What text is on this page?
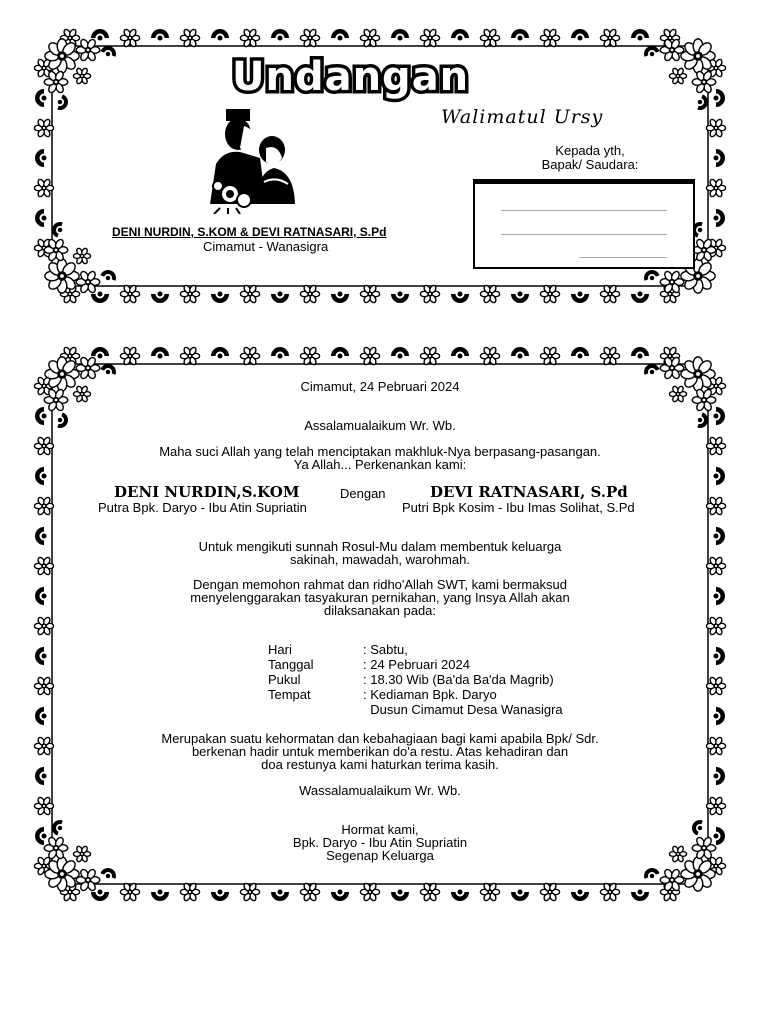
Undangan
Walimatul Ursy
Kepada yth,
Bapak/ Saudara:
DENI NURDIN, S.KOM & DEVI RATNASARI, S.Pd
Cimamut - Wanasigra
Cimamut, 24 Pebruari 2024
Assalamualaikum Wr. Wb.
Maha suci Allah yang telah menciptakan makhluk-Nya berpasang-pasangan.
Ya Allah... Perkenankan kami:
DENI NURDIN,S.KOM	Dengan	DEVI RATNASARI, S.Pd
Putra Bpk. Daryo - Ibu Atin Supriatin	Putri Bpk Kosim - Ibu Imas Solihat, S.Pd
Untuk mengikuti sunnah Rosul-Mu dalam membentuk keluarga
sakinah, mawadah, warohmah.
Dengan memohon rahmat dan ridho'Allah SWT, kami bermaksud
menyelenggarakan tasyakuran pernikahan, yang Insya Allah akan
dilaksanakan pada:
Hari	: Sabtu,
Tanggal	: 24 Pebruari 2024
Pukul	: 18.30 Wib (Ba'da Ba'da Magrib)
Tempat	: Kediaman Bpk. Daryo
Dusun Cimamut Desa Wanasigra
Merupakan suatu kehormatan dan kebahagiaan bagi kami apabila Bpk/ Sdr.
berkenan hadir untuk memberikan do'a restu. Atas kehadiran dan
doa restunya kami haturkan terima kasih.
Wassalamualaikum Wr. Wb.
Hormat kami,
Bpk. Daryo - Ibu Atin Supriatin
Segenap Keluarga
